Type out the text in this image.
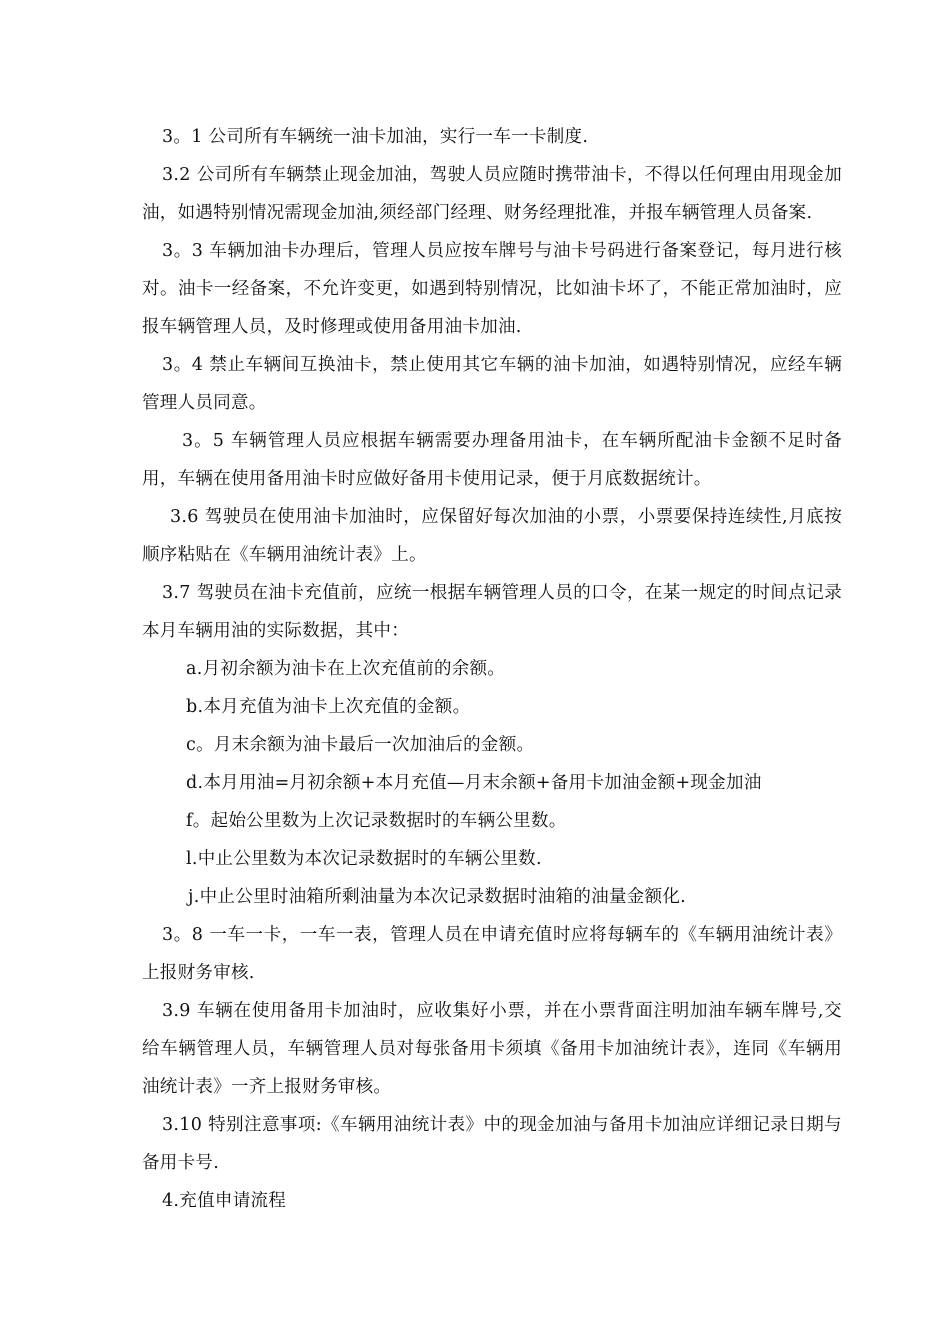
3。1 公司所有车辆统一油卡加油，实行一车一卡制度.

3.2 公司所有车辆禁止现金加油，驾驶人员应随时携带油卡，不得以任何理由用现金加油，如遇特别情况需现金加油,须经部门经理、财务经理批准，并报车辆管理人员备案.

3。3 车辆加油卡办理后，管理人员应按车牌号与油卡号码进行备案登记，每月进行核对。油卡一经备案，不允许变更，如遇到特别情况，比如油卡坏了，不能正常加油时，应报车辆管理人员，及时修理或使用备用油卡加油.

3。4 禁止车辆间互换油卡，禁止使用其它车辆的油卡加油，如遇特别情况，应经车辆管理人员同意。

3。5 车辆管理人员应根据车辆需要办理备用油卡，在车辆所配油卡金额不足时备用，车辆在使用备用油卡时应做好备用卡使用记录，便于月底数据统计。

3.6 驾驶员在使用油卡加油时，应保留好每次加油的小票，小票要保持连续性,月底按顺序粘贴在《车辆用油统计表》上。

3.7 驾驶员在油卡充值前，应统一根据车辆管理人员的口令，在某一规定的时间点记录本月车辆用油的实际数据，其中：

a.月初余额为油卡在上次充值前的余额。

b.本月充值为油卡上次充值的金额。

c。月末余额为油卡最后一次加油后的金额。

d.本月用油=月初余额+本月充值—月末余额+备用卡加油金额+现金加油

f。起始公里数为上次记录数据时的车辆公里数。

l.中止公里数为本次记录数据时的车辆公里数.

j.中止公里时油箱所剩油量为本次记录数据时油箱的油量金额化.

3。8 一车一卡，一车一表，管理人员在申请充值时应将每辆车的《车辆用油统计表》上报财务审核.

3.9 车辆在使用备用卡加油时，应收集好小票，并在小票背面注明加油车辆车牌号,交给车辆管理人员，车辆管理人员对每张备用卡须填《备用卡加油统计表》，连同《车辆用油统计表》一齐上报财务审核。

3.10 特别注意事项:《车辆用油统计表》中的现金加油与备用卡加油应详细记录日期与备用卡号.

4.充值申请流程
